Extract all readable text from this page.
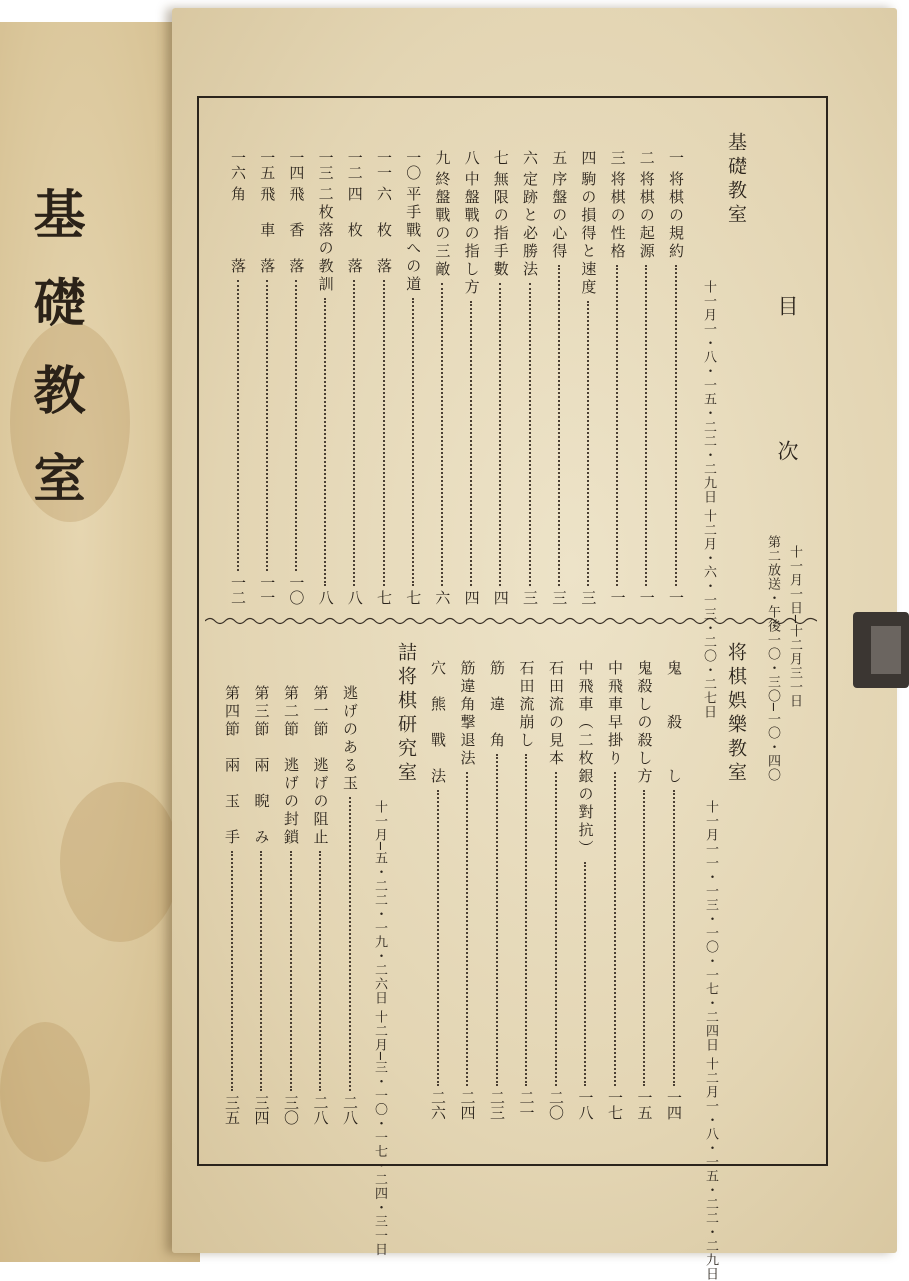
基礎教室	目
次
十一月一日─十二月三一日
第二放送・午後一〇・三〇─一〇・四〇
基礎教室
十一月一・八・一五・二二・二九日 十二月・六・一三・二〇・二七日
一
将棋の規約
一
二
将棋の起源
一
三
将棋の性格
一
四
駒の損得と速度
三
五
序盤の心得
三
六
定跡と必勝法
三
七
無限の指手數
四
八
中盤戰の指し方
四
九
終盤戰の三敵
六
一〇
平手戰への道
七
一一
六　枚　落
七
一二
四　枚　落
八
一三
二枚落の教訓
八
一四
飛　香　落
一〇
一五
飛　車　落
一一
一六
角　　　落
一二
将棋娯樂教室
十一月一一・一三・一〇・一七・二四日 十二月一・八・一五・二二・二九日
鬼　　殺　　し
一四
鬼殺しの殺し方
一五
中飛車早掛り
一七
中飛車（二枚銀の對抗）
一八
石田流の見本
二〇
石田流崩し
二一
筋　違　角
二三
筋違角撃退法
二四
穴　熊　戰　法
二六
詰将棋研究室
十一月─五・二二・一九・二六日 十二月─三・一〇・一七・二四・三一日
逃げのある玉
二八
第一節　逃げの阻止
二八
第二節　逃げの封鎖
三〇
第三節　兩　睨　み
三四
第四節　兩　玉　手
三五
